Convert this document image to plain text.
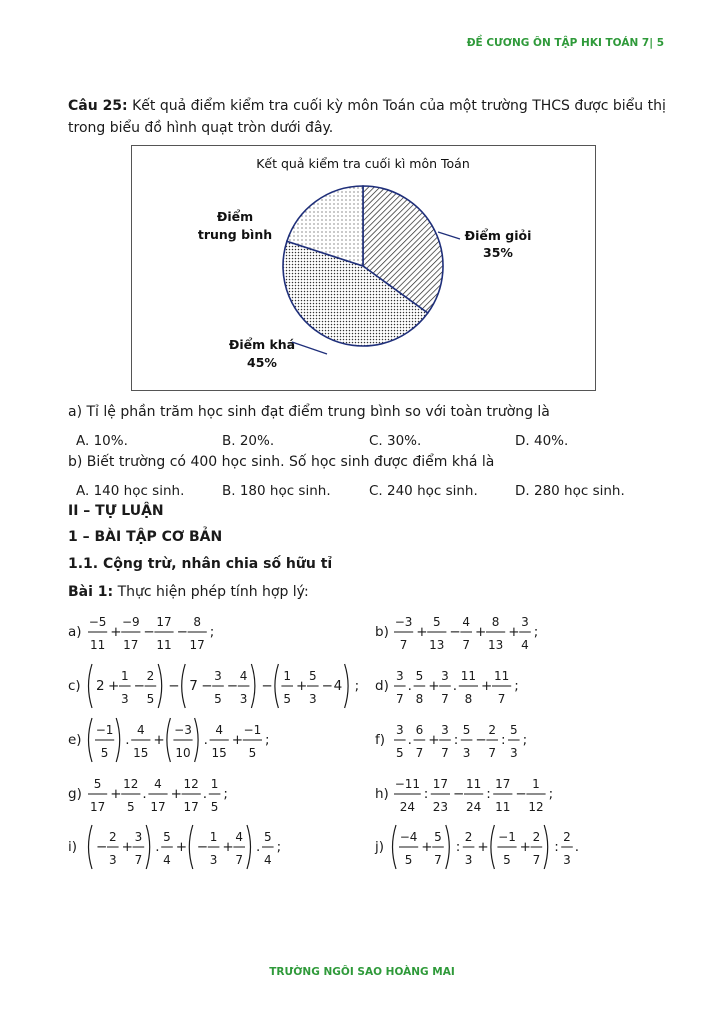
ĐỀ CƯƠNG ÔN TẬP HKI TOÁN 7| 5
Câu 25: Kết quả điểm kiểm tra cuối kỳ môn Toán của một trường THCS được biểu thị
trong biểu đồ hình quạt tròn dưới đây.
Kết quả kiểm tra cuối kì môn Toán
Điểm
trung bình	Điểm giỏi
35%
Điểm khá
45%
a) Tỉ lệ phần trăm học sinh đạt điểm trung bình so với toàn trường là
A. 10%.	B. 20%.	C. 30%.	D. 40%.
b) Biết trường có 400 học sinh. Số học sinh được điểm khá là
A. 140 học sinh.	B. 180 học sinh.	C. 240 học sinh.	D. 280 học sinh.
II – TỰ LUẬN
1 – BÀI TẬP CƠ BẢN
1.1. Cộng trừ, nhân chia số hữu tỉ
Bài 1: Thực hiện phép tính hợp lý:
a)
−5
11
+
−9
17
−
17
11
−
8
17
;	b)
−3
7
+
5
13
−
4
7
+
8
13
+
3
4
;
c) 2 +
1
3
−
2
5
− 7 −
3
5
−
4
3
−
1
5
+
5
3
− 4 ; d)
3
7
.
5
8
+
3
7
.
11
8
+
11
7
;
e)
−1
5
.
4
15
+
−3
10
.
4
15
+
−1
5
;	f)
3
5
.
6
7
+
3
7
:
5
3
−
2
7
:
5
3
;
g)
5
17
+
12
5
.
4
17
+
12
17
.
1
5
;	h)
−11
24
:
17
23
−
11
24
:
17
11
−
1
12
;
i) −
2
3
+
3
7
.
5
4
+ −
1
3
+
4
7
.
5
4
;	j)
−4
5
+
5
7
:
2
3
+
−1
5
+
2
7
:
2
3
.
TRƯỜNG NGÔI SAO HOÀNG MAI
